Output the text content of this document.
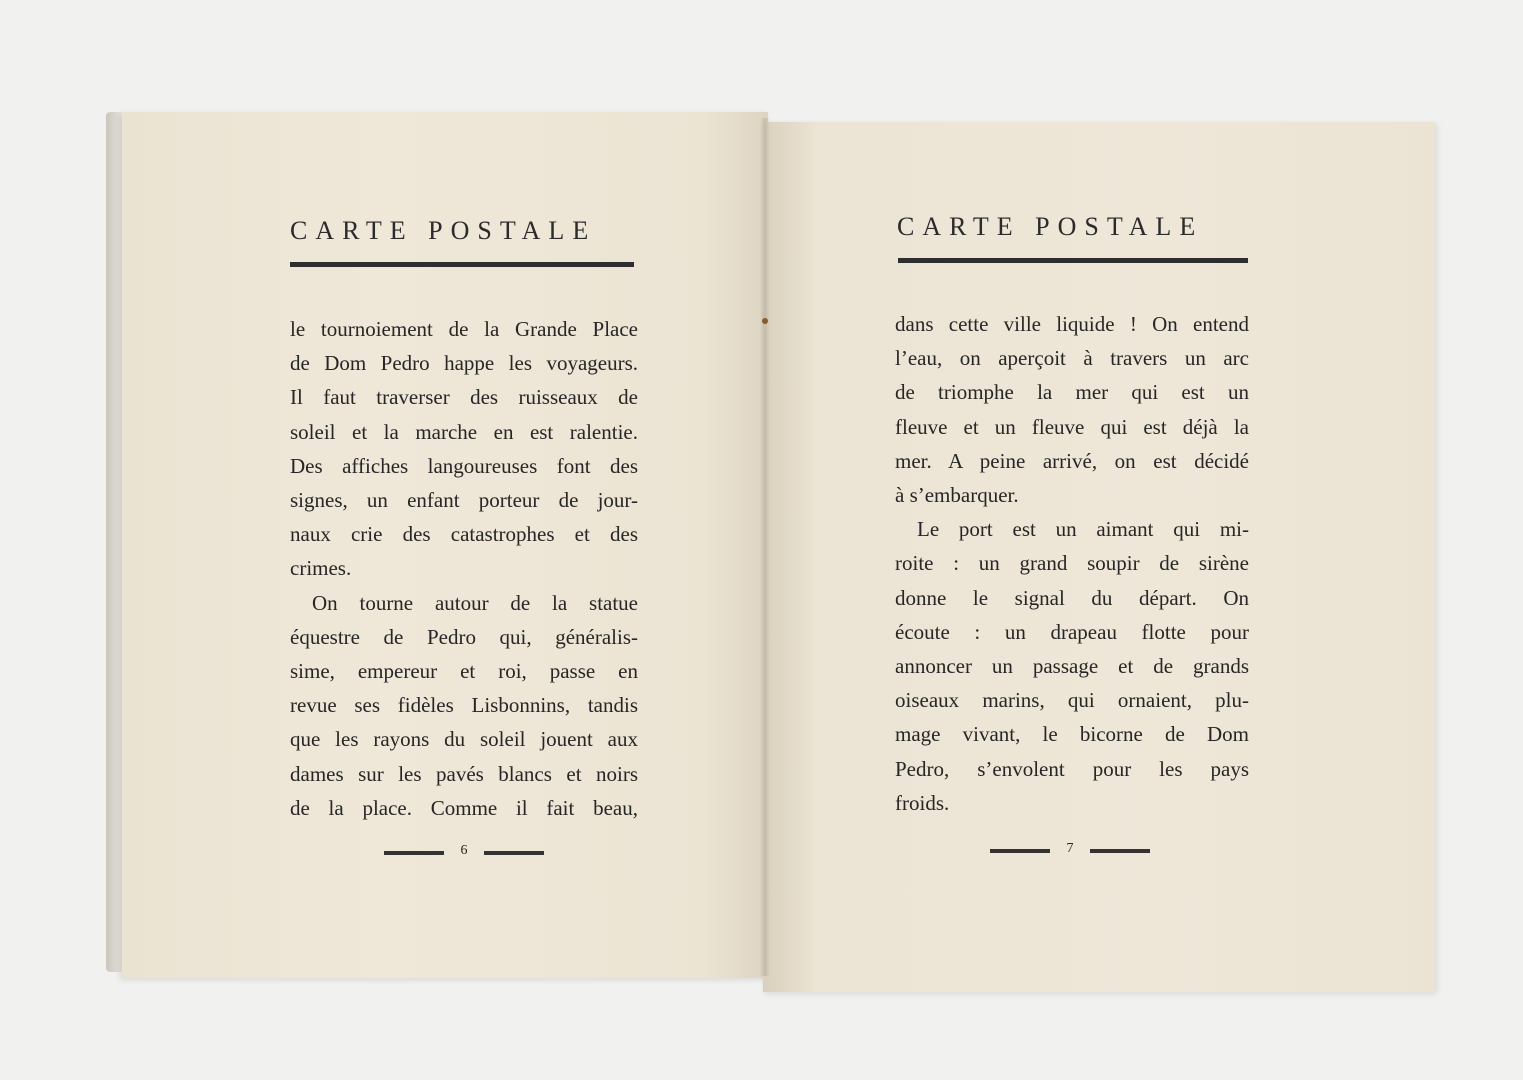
CARTE POSTALE
le tournoiement de la Grande Place
de Dom Pedro happe les voyageurs.
Il faut traverser des ruisseaux de
soleil et la marche en est ralentie.
Des affiches langoureuses font des
signes, un enfant porteur de jour-
naux crie des catastrophes et des
crimes.
On tourne autour de la statue
équestre de Pedro qui, généralis-
sime, empereur et roi, passe en
revue ses fidèles Lisbonnins, tandis
que les rayons du soleil jouent aux
dames sur les pavés blancs et noirs
de la place. Comme il fait beau,
6
CARTE POSTALE
dans cette ville liquide ! On entend
l’eau, on aperçoit à travers un arc
de triomphe la mer qui est un
fleuve et un fleuve qui est déjà la
mer. A peine arrivé, on est décidé
à s’embarquer.
Le port est un aimant qui mi-
roite : un grand soupir de sirène
donne le signal du départ. On
écoute : un drapeau flotte pour
annoncer un passage et de grands
oiseaux marins, qui ornaient, plu-
mage vivant, le bicorne de Dom
Pedro, s’envolent pour les pays
froids.
7
